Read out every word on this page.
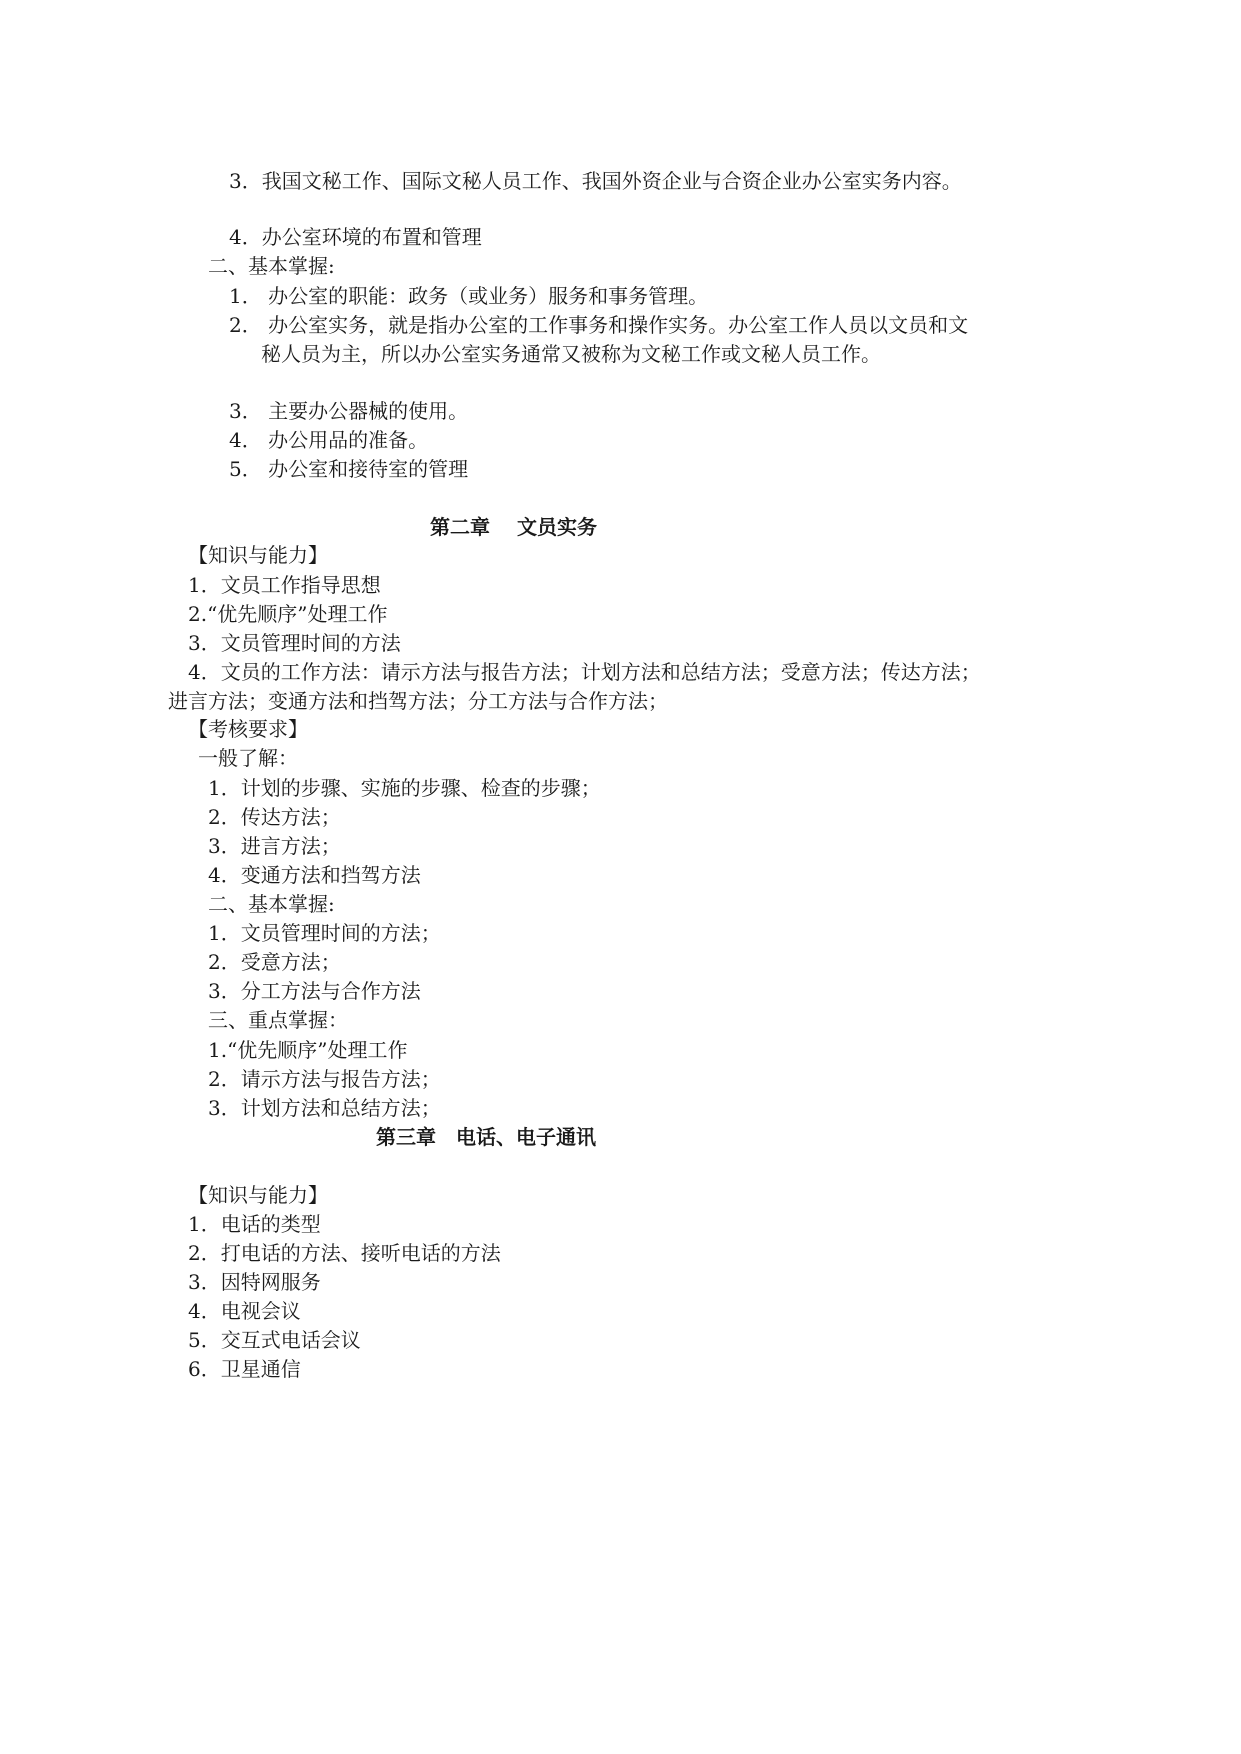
3．我国文秘工作、国际文秘人员工作、我国外资企业与合资企业办公室实务内容。
4．办公室环境的布置和管理
二、基本掌握:
1． 办公室的职能：政务（或业务）服务和事务管理。
2． 办公室实务，就是指办公室的工作事务和操作实务。办公室工作人员以文员和文
秘人员为主，所以办公室实务通常又被称为文秘工作或文秘人员工作。
3． 主要办公器械的使用。
4． 办公用品的准备。
5． 办公室和接待室的管理
第二章　 文员实务
【知识与能力】
1．文员工作指导思想
2.“优先顺序”处理工作
3．文员管理时间的方法
4．文员的工作方法：请示方法与报告方法；计划方法和总结方法；受意方法；传达方法；
进言方法；变通方法和挡驾方法；分工方法与合作方法；
【考核要求】
一般了解：
1．计划的步骤、实施的步骤、检查的步骤；
2．传达方法；
3．进言方法；
4．变通方法和挡驾方法
二、基本掌握:
1．文员管理时间的方法；
2．受意方法；
3．分工方法与合作方法
三、重点掌握：
1.“优先顺序”处理工作
2．请示方法与报告方法；
3．计划方法和总结方法；
第三章　电话、电子通讯
【知识与能力】
1．电话的类型
2．打电话的方法、接听电话的方法
3．因特网服务
4．电视会议
5．交互式电话会议
6．卫星通信
